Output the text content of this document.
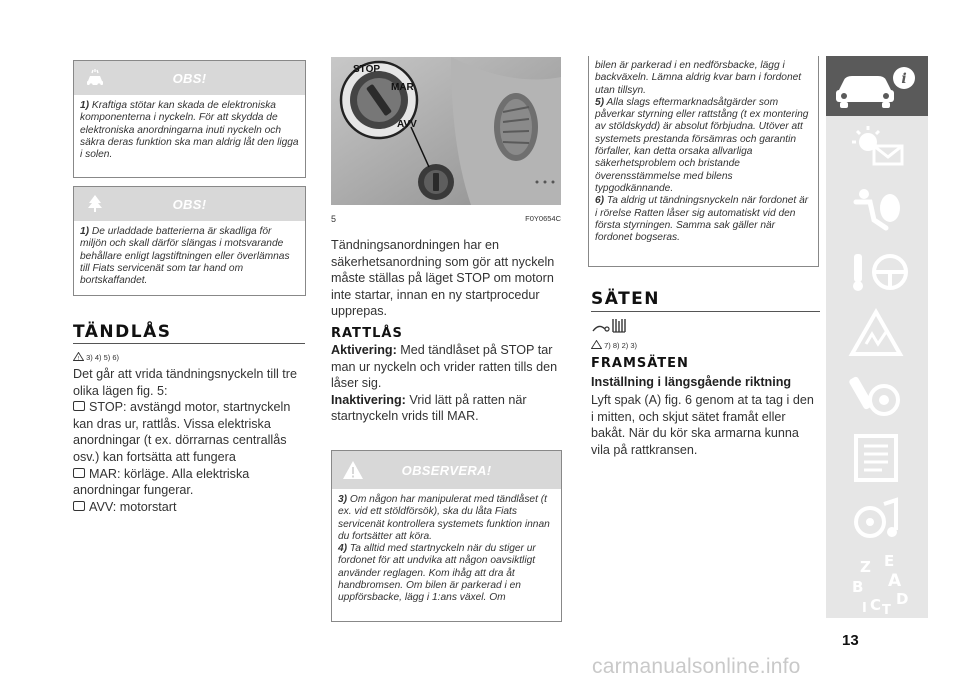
OBS!

1) Kraftiga stötar kan skada de elektroniska komponenterna i nyckeln. För att skydda de elektroniska anordningarna inuti nyckeln och säkra deras funktion ska man aldrig låt den ligga i solen.

OBS!

1) De urladdade batterierna är skadliga för miljön och skall därför slängas i motsvarande behållare enligt lagstiftningen eller överlämnas till Fiats servicenät som tar hand om bortskaffandet.

TÄNDLÅS
! 3) 4) 5) 6)

Det går att vrida tändningsnyckeln till tre olika lägen fig. 5:

STOP: avstängd motor, startnyckeln kan dras ur, rattlås. Vissa elektriska anordningar (t ex. dörrarnas centrallås osv.) kan fortsätta att fungera

MAR: körläge. Alla elektriska anordningar fungerar.

AVV: motorstart

STOP
MAR
AVV
5	F0Y0654C
Tändningsanordningen har en säkerhetsanordning som gör att nyckeln måste ställas på läget STOP om motorn inte startar, innan en ny startprocedur upprepas.
RATTLÅS

Aktivering: Med tändlåset på STOP tar man ur nyckeln och vrider ratten tills den låser sig.

Inaktivering: Vrid lätt på ratten när startnyckeln vrids till MAR.

OBSERVERA!

3) Om någon har manipulerat med tändlåset (t ex. vid ett stöldförsök), ska du låta Fiats servicenät kontrollera systemets funktion innan du fortsätter att köra.

4) Ta alltid med startnyckeln när du stiger ur fordonet för att undvika att någon oavsiktligt använder reglagen. Kom ihåg att dra åt handbromsen. Om bilen är parkerad i en uppförsbacke, lägg i 1:ans växel. Om

bilen är parkerad i en nedförsbacke, lägg i backväxeln. Lämna aldrig kvar barn i fordonet utan tillsyn.

5) Alla slags eftermarknadsåtgärder som påverkar styrning eller rattstång (t ex montering av stöldskydd) är absolut förbjudna. Utöver att systemets prestanda försämras och garantin förfaller, kan detta orsaka allvarliga säkerhetsproblem och bristande överensstämmelse med bilens typgodkännande.

6) Ta aldrig ut tändningsnyckeln när fordonet är i rörelse Ratten låser sig automatiskt vid den första styrningen. Samma sak gäller när fordonet bogseras.

SÄTEN
7) 8) 2) 3)
FRAMSÄTEN
Inställning i längsgående riktning
Lyft spak (A) fig. 6 genom at ta tag i den i mitten, och skjut sätet framåt eller bakåt. När du kör ska armarna kunna vila på rattkransen.
i
Z E
B A
C D
I T
13
carmanualsonline.info
